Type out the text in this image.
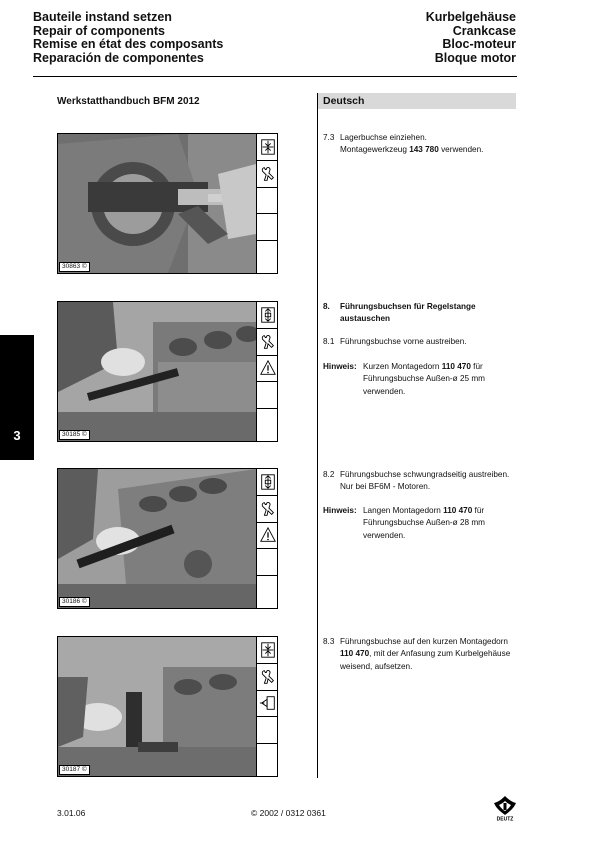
Bauteile instand setzen
Repair of components
Remise en état des composants
Reparación de componentes
Kurbelgehäuse
Crankcase
Bloc-moteur
Bloque motor
Werkstatthandbuch BFM 2012	Deutsch
3
30863 ©
30185 ©
30186 ©
30187 ©
7.3 Lagerbuchse einziehen.
Montagewerkzeug 143 780 verwenden.
8. Führungsbuchsen für Regelstange
austauschen
8.1 Führungsbuchse vorne austreiben.
Hinweis: Kurzen Montagedorn 110 470 für
Führungsbuchse Außen-ø 25 mm
verwenden.
8.2 Führungsbuchse schwungradseitig austreiben.
Nur bei BF6M - Motoren.
Hinweis: Langen Montagedorn 110 470 für
Führungsbuchse Außen-ø 28 mm
verwenden.
8.3 Führungsbuchse auf den kurzen Montagedorn
110 470, mit der Anfasung zum Kurbelgehäuse
weisend, aufsetzen.
3.01.06	© 2002 / 0312 0361
DEUTZ
